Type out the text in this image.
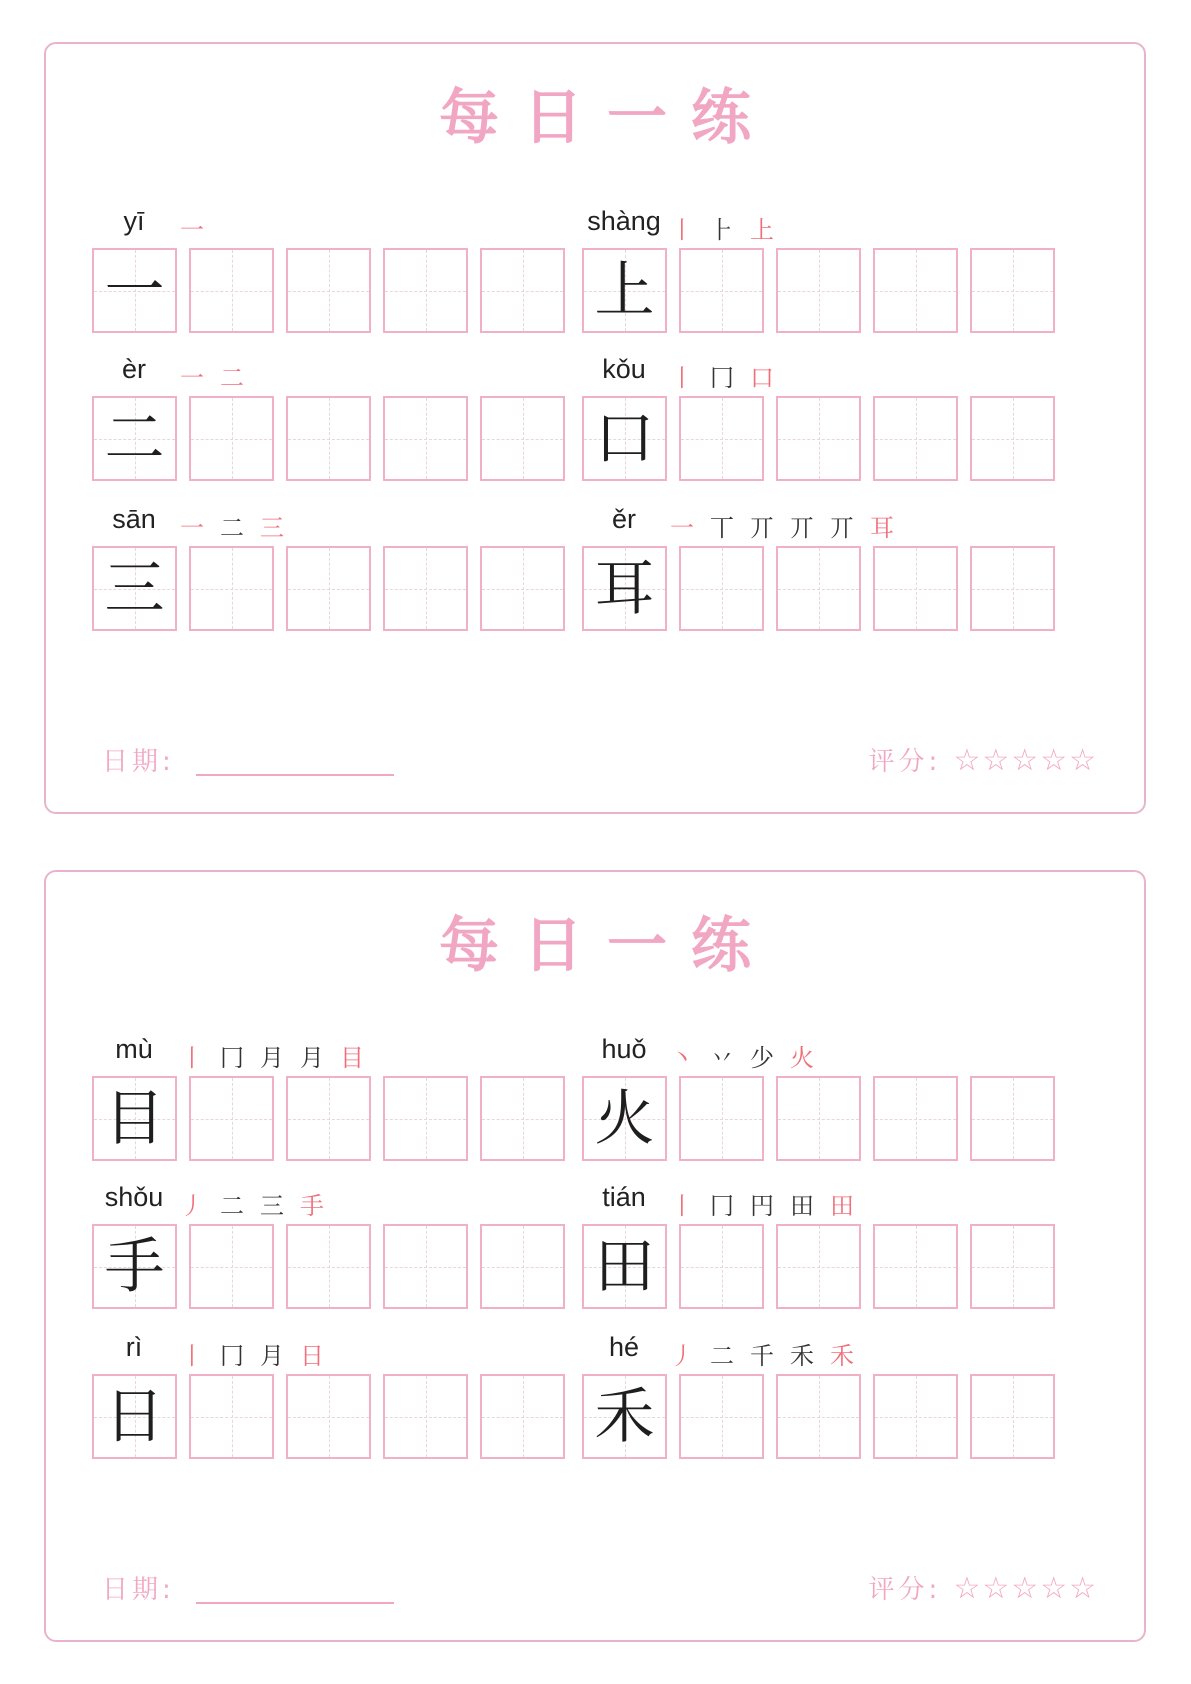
每日一练
yī	一
一
shàng 丨 ⺊ 上
上
èr	一 二
二
kǒu	丨 冂 口
口
sān	一 二 三
三
ěr	一 丅 丌 丌 丌 耳
耳
日期:	评分: ☆☆☆☆☆
每日一练
mù	丨 冂 月 月 目
目
huǒ 丶 丷 少 火
火
shǒu 丿 二 三 手
手
tián	丨 冂 円 田 田
田
rì	丨 冂 月 日
日
hé	丿 二 千 禾 禾
禾
日期:	评分: ☆☆☆☆☆
